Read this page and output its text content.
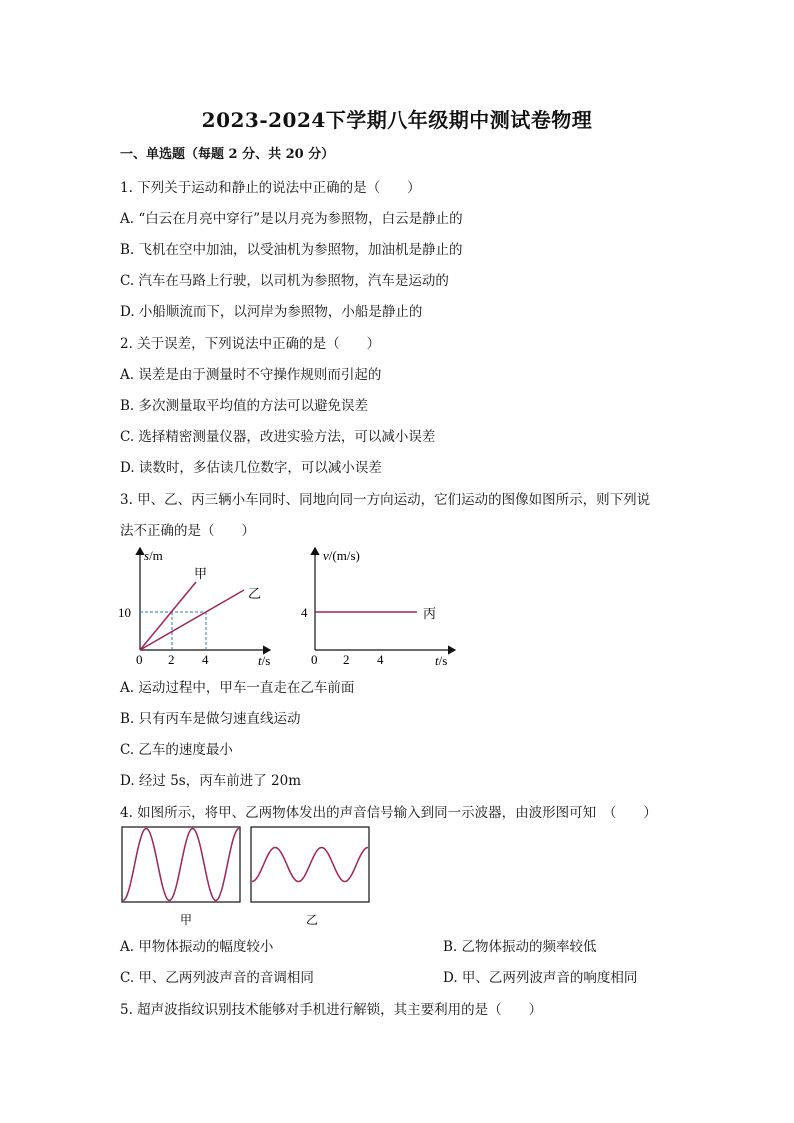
2023-2024下学期八年级期中测试卷物理
一、单选题（每题 2 分、共 20 分）
1. 下列关于运动和静止的说法中正确的是（　　）
A. “白云在月亮中穿行”是以月亮为参照物，白云是静止的
B. 飞机在空中加油，以受油机为参照物，加油机是静止的
C. 汽车在马路上行驶，以司机为参照物，汽车是运动的
D. 小船顺流而下，以河岸为参照物，小船是静止的
2. 关于误差，下列说法中正确的是（　　）
A. 误差是由于测量时不守操作规则而引起的
B. 多次测量取平均值的方法可以避免误差
C. 选择精密测量仪器，改进实验方法，可以减小误差
D. 读数时，多估读几位数字，可以减小误差
3. 甲、乙、丙三辆小车同时、同地向同一方向运动，它们运动的图像如图所示，则下列说
法不正确的是（　　）
s/m
t/s
0 2 4
10
甲
乙
v/(m/s)
t/s
0 2 4
4	丙
A. 运动过程中，甲车一直走在乙车前面
B. 只有丙车是做匀速直线运动
C. 乙车的速度最小
D. 经过 5s，丙车前进了 20m
4. 如图所示，将甲、乙两物体发出的声音信号输入到同一示波器，由波形图可知　（　　）
甲	乙
A. 甲物体振动的幅度较小	B. 乙物体振动的频率较低
C. 甲、乙两列波声音的音调相同	D. 甲、乙两列波声音的响度相同
5. 超声波指纹识别技术能够对手机进行解锁，其主要利用的是（　　）
